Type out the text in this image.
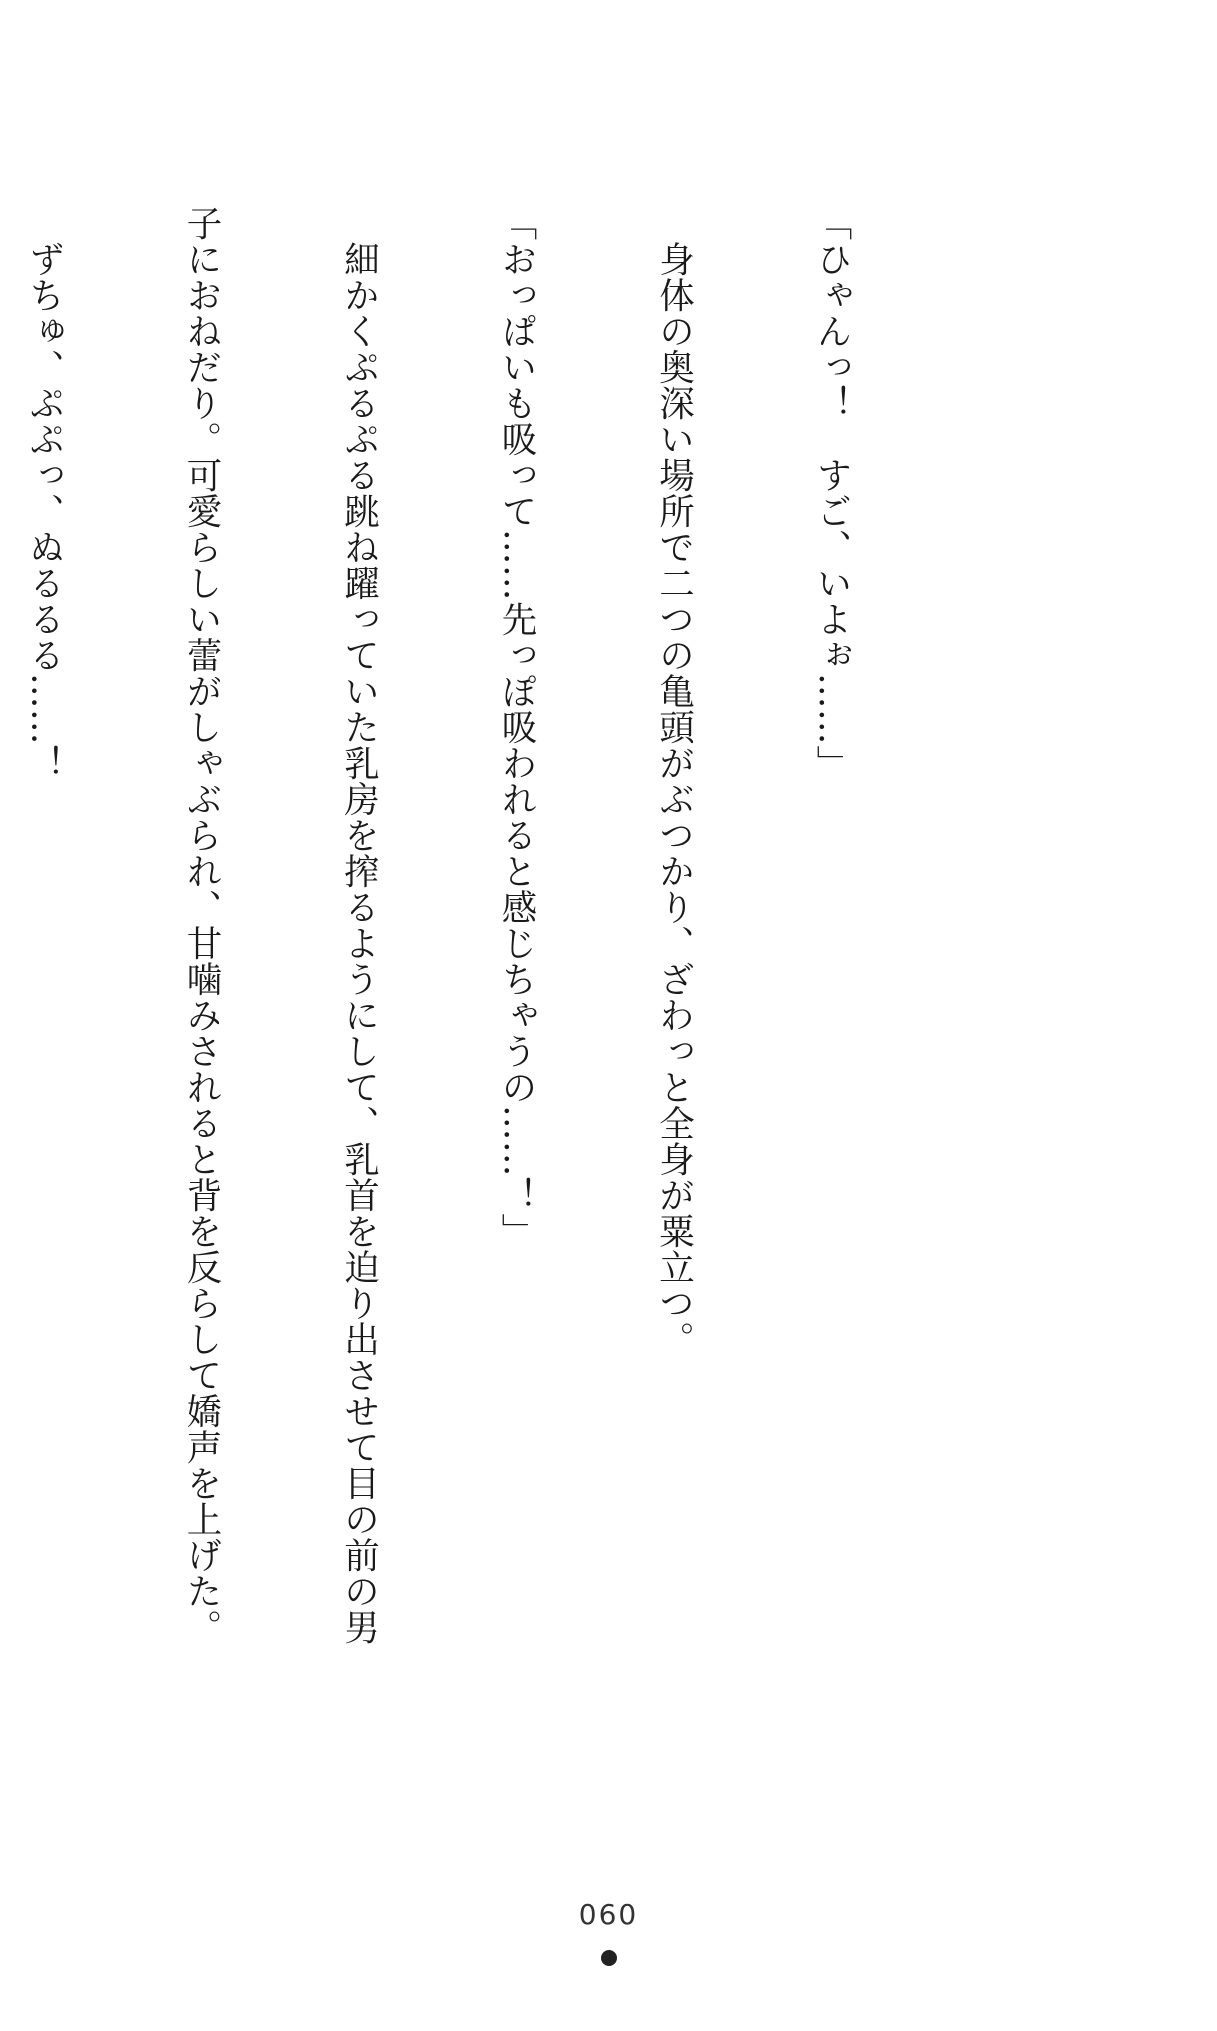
「ひゃんっ！　すご、いよぉ……」

　身体の奥深い場所で二つの亀頭がぶつかり、ざわっと全身が粟立つ。

「おっぱいも吸って……先っぽ吸われると感じちゃうの……！」

　細かくぷるぷる跳ね躍っていた乳房を搾るようにして、乳首を迫り出させて目の前の男

子におねだり。可愛らしい蕾がしゃぶられ、甘噛みされると背を反らして嬌声を上げた。

　ずちゅ、ぷぷっ、ぬるるる……！

060
